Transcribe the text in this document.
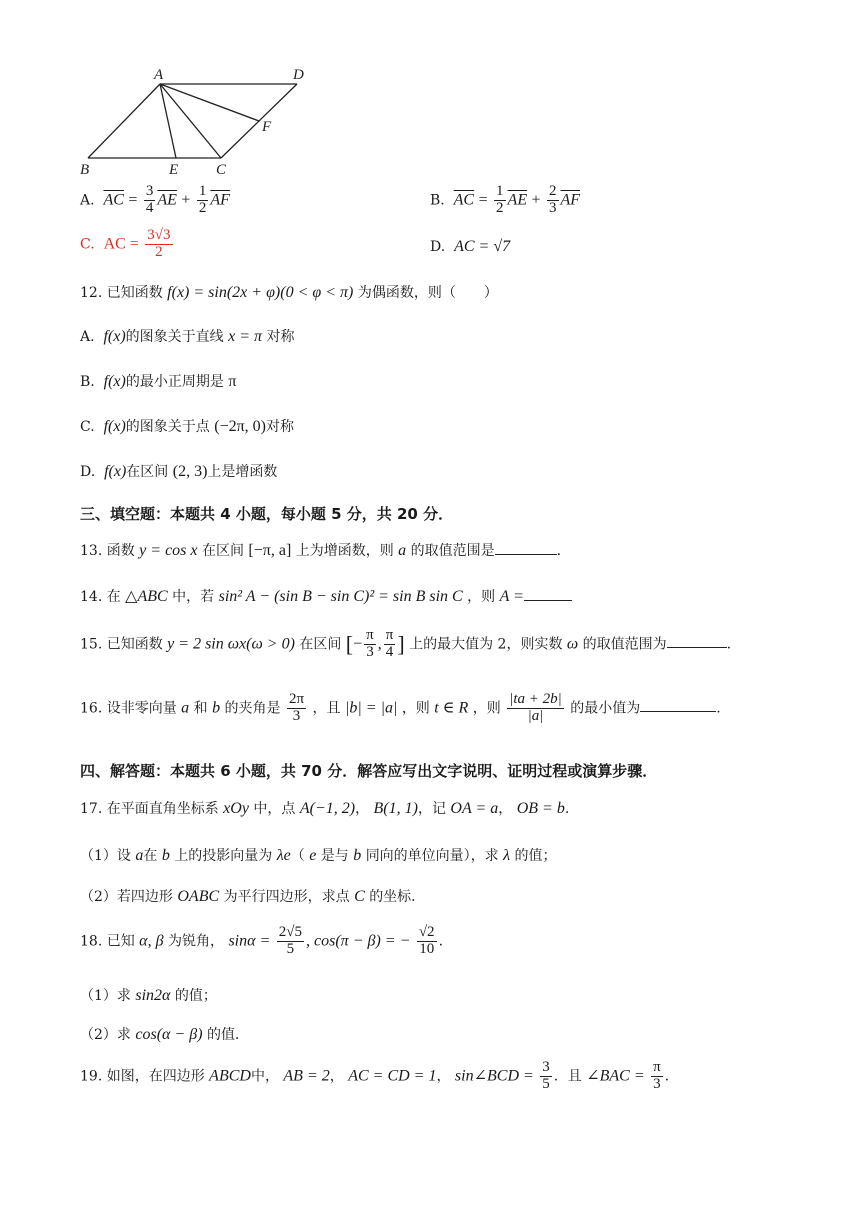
A	D
F
B	E	C
A. $\overline{AC} = \frac{3}{4} \overline{AE} + \frac{1}{2} \overline{AF}$	B. $\overline{AC} = \frac{1}{2} \overline{AE} + \frac{2}{3} \overline{AF}$
C. AC = $\frac{3√3}{2}$	D. AC = √7
12. 已知函数 f(x) = sin(2x + φ)(0 < φ < π) 为偶函数，则（　　）
A. f(x)的图象关于直线 x = π 对称
B. f(x)的最小正周期是 π
C. f(x)的图象关于点 (−2π, 0)对称
D. f(x)在区间 (2, 3)上是增函数
三、填空题：本题共 4 小题，每小题 5 分，共 20 分．
13. 函数 y = cos x 在区间 [−π, a] 上为增函数，则 a 的取值范围是	.
14. 在 △ABC 中，若 sin² A − (sin B − sin C)² = sin B sin C ，则 A =
15. 已知函数 y = 2 sin ωx(ω > 0) 在区间 [− $\frac{\pi}{3}$ , $\frac{\pi}{4}$ ] 上的最大值为 2，则实数 ω 的取值范围为	.
16. 设非零向量 a 和 b 的夹角是 $\frac{2\pi}{3}$ ，且 |b| = |a| ，则 t ∈ R ，则 $\frac{|ta + 2b|}{|a|}$ 的最小值为	.
四、解答题：本题共 6 小题，共 70 分．解答应写出文字说明、证明过程或演算步骤．
17. 在平面直角坐标系 xOy 中，点 A(−1, 2)， B(1, 1)，记 OA = a， OB = b.
（1）设 a在 b 上的投影向量为 λe（ e 是与 b 同向的单位向量），求 λ 的值；
（2）若四边形 OABC 为平行四边形，求点 C 的坐标．
18. 已知 α, β 为锐角， $\sin\alpha = \frac{2√5}{5}$ , cos(π − β) = − $\frac{√2}{10}$ .
（1）求 sin2α 的值；
（2）求 cos(α − β) 的值．
19. 如图，在四边形 ABCD中， AB = 2， AC = CD = 1， sin∠BCD = $\frac{3}{5}$ ．且 ∠BAC = $\frac{\pi}{3}$ .
